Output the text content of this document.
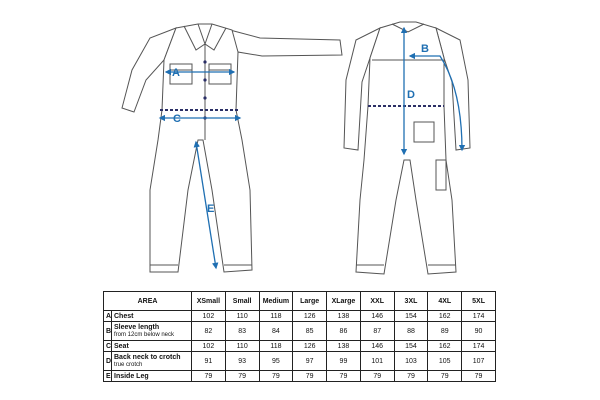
A
C
E
D
B
AREA		XSmall	Small	Medium	Large	XLarge	XXL	3XL	4XL	5XL
A	Chest	102	110	118	126	138	146	154	162	174
B	Sleeve length
from 12cm below neck	82	83	84	85	86	87	88	89	90
C	Seat	102	110	118	126	138	146	154	162	174
D	Back neck to crotch
true crotch	91	93	95	97	99	101	103	105	107
E	Inside Leg	79	79	79	79	79	79	79	79	79
